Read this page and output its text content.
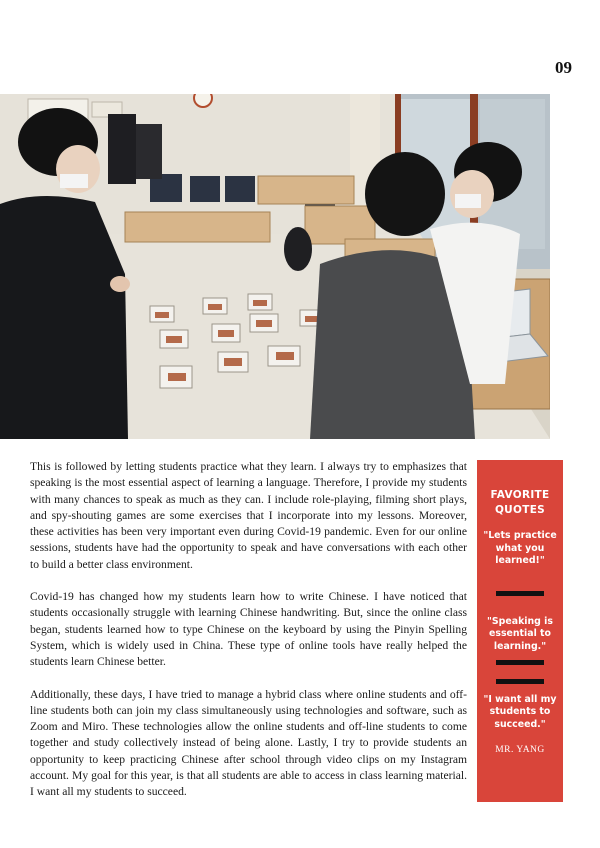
09

This is followed by letting students practice what they learn. I always try to emphasizes that speaking is the most essential aspect of learning a language. Therefore, I provide my students with many chances to speak as much as they can. I include role-playing, filming short plays, and spy-shouting games are some exercises that I incorporate into my lessons. Moreover, these activities has been very important even during Covid-19 pandemic. Even for our online sessions, students have had the opportunity to speak and have conversations with each other to build a better class environment.

Covid-19 has changed how my students learn how to write Chinese. I have noticed that students occasionally struggle with learning Chinese handwriting. But, since the online class began, students learned how to type Chinese on the keyboard by using the Pinyin Spelling System, which is widely used in China. These type of online tools have really helped the students learn Chinese better.

Additionally, these days, I have tried to manage a hybrid class where online students and off-line students both can join my class simultaneously using technologies and software, such as Zoom and Miro. These technologies allow the online students and off-line students to come together and study collectively instead of being alone. Lastly, I try to provide students an opportunity to keep practicing Chinese after school through video clips on my Instagram account. My goal for this year, is that all students are able to access in class learning material. I want all my students to succeed.

FAVORITE
QUOTES
"Lets practice what you learned!"
"Speaking is essential to learning."
"I want all my students to succeed."
MR. YANG
